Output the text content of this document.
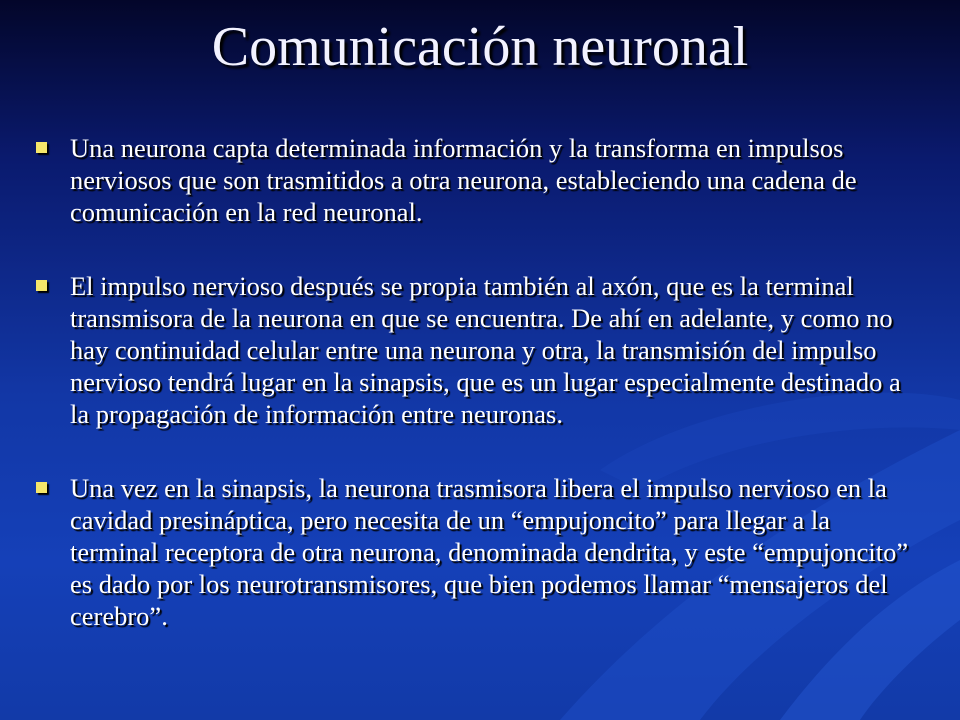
Comunicación neuronal
Una neurona capta determinada información y la transforma en impulsos nerviosos que son trasmitidos a otra neurona, estableciendo una cadena de comunicación en la red neuronal.
El impulso nervioso después se propia también al axón, que es la terminal transmisora de la neurona en que se encuentra. De ahí en adelante, y como no hay continuidad celular entre una neurona y otra, la transmisión del impulso nervioso tendrá lugar en la sinapsis, que es un lugar especialmente destinado a la propagación de información entre neuronas.
Una vez en la sinapsis, la neurona trasmisora libera el impulso nervioso en la cavidad presináptica, pero necesita de un “empujoncito” para llegar a la terminal receptora de otra neurona, denominada dendrita, y este “empujoncito” es dado por los neurotransmisores, que bien podemos llamar “mensajeros del cerebro”.
